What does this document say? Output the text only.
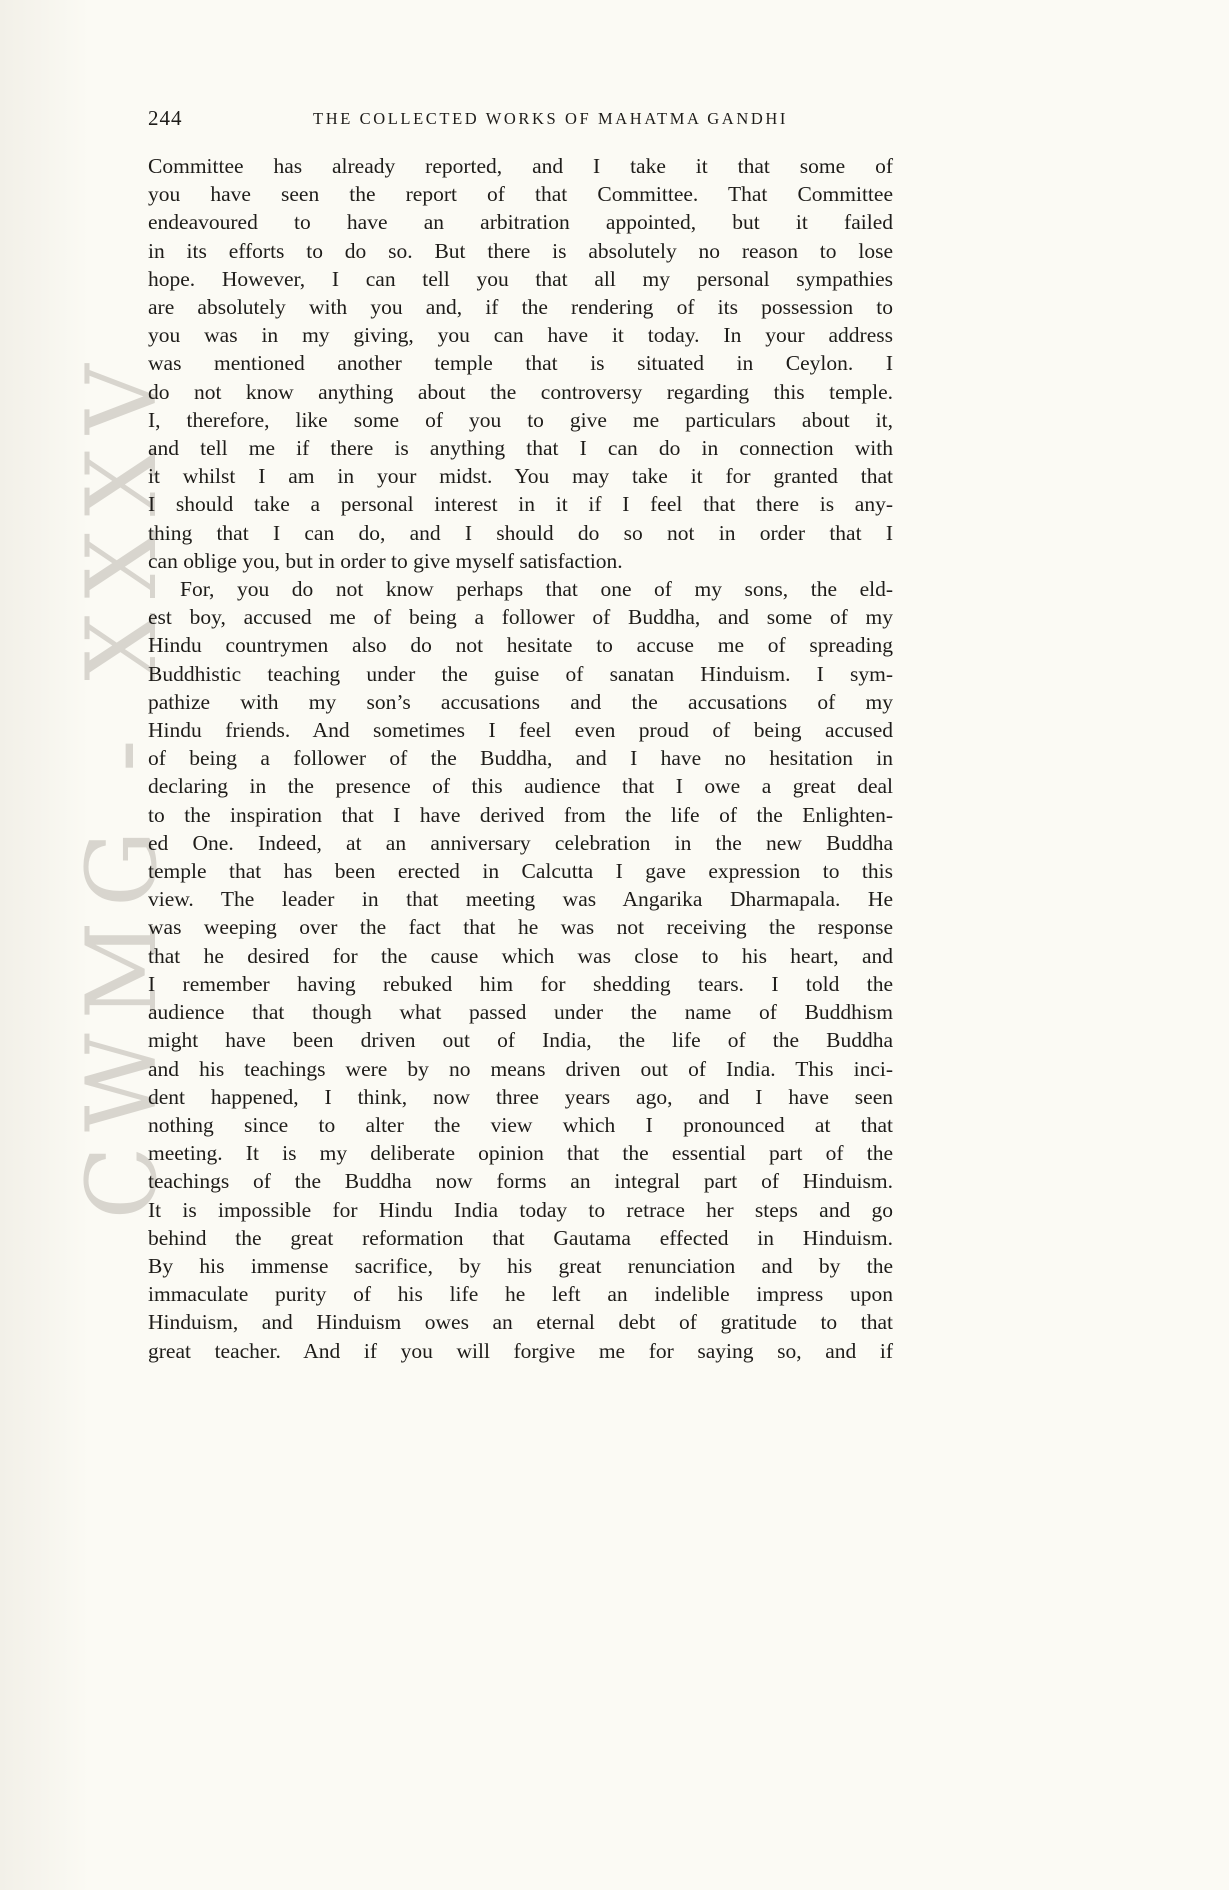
CWMG - XXXV
244	THE COLLECTED WORKS OF MAHATMA GANDHI
Committee has already reported, and I take it that some of
you have seen the report of that Committee. That Committee
endeavoured to have an arbitration appointed, but it failed
in its efforts to do so. But there is absolutely no reason to lose
hope. However, I can tell you that all my personal sympathies
are absolutely with you and, if the rendering of its possession to
you was in my giving, you can have it today. In your address
was mentioned another temple that is situated in Ceylon. I
do not know anything about the controversy regarding this temple.
I, therefore, like some of you to give me particulars about it,
and tell me if there is anything that I can do in connection with
it whilst I am in your midst. You may take it for granted that
I should take a personal interest in it if I feel that there is any-
thing that I can do, and I should do so not in order that I
can oblige you, but in order to give myself satisfaction.
For, you do not know perhaps that one of my sons, the eld-
est boy, accused me of being a follower of Buddha, and some of my
Hindu countrymen also do not hesitate to accuse me of spreading
Buddhistic teaching under the guise of sanatan Hinduism. I sym-
pathize with my son’s accusations and the accusations of my
Hindu friends. And sometimes I feel even proud of being accused
of being a follower of the Buddha, and I have no hesitation in
declaring in the presence of this audience that I owe a great deal
to the inspiration that I have derived from the life of the Enlighten-
ed One. Indeed, at an anniversary celebration in the new Buddha
temple that has been erected in Calcutta I gave expression to this
view. The leader in that meeting was Angarika Dharmapala. He
was weeping over the fact that he was not receiving the response
that he desired for the cause which was close to his heart, and
I remember having rebuked him for shedding tears. I told the
audience that though what passed under the name of Buddhism
might have been driven out of India, the life of the Buddha
and his teachings were by no means driven out of India. This inci-
dent happened, I think, now three years ago, and I have seen
nothing since to alter the view which I pronounced at that
meeting. It is my deliberate opinion that the essential part of the
teachings of the Buddha now forms an integral part of Hinduism.
It is impossible for Hindu India today to retrace her steps and go
behind the great reformation that Gautama effected in Hinduism.
By his immense sacrifice, by his great renunciation and by the
immaculate purity of his life he left an indelible impress upon
Hinduism, and Hinduism owes an eternal debt of gratitude to that
great teacher. And if you will forgive me for saying so, and if
